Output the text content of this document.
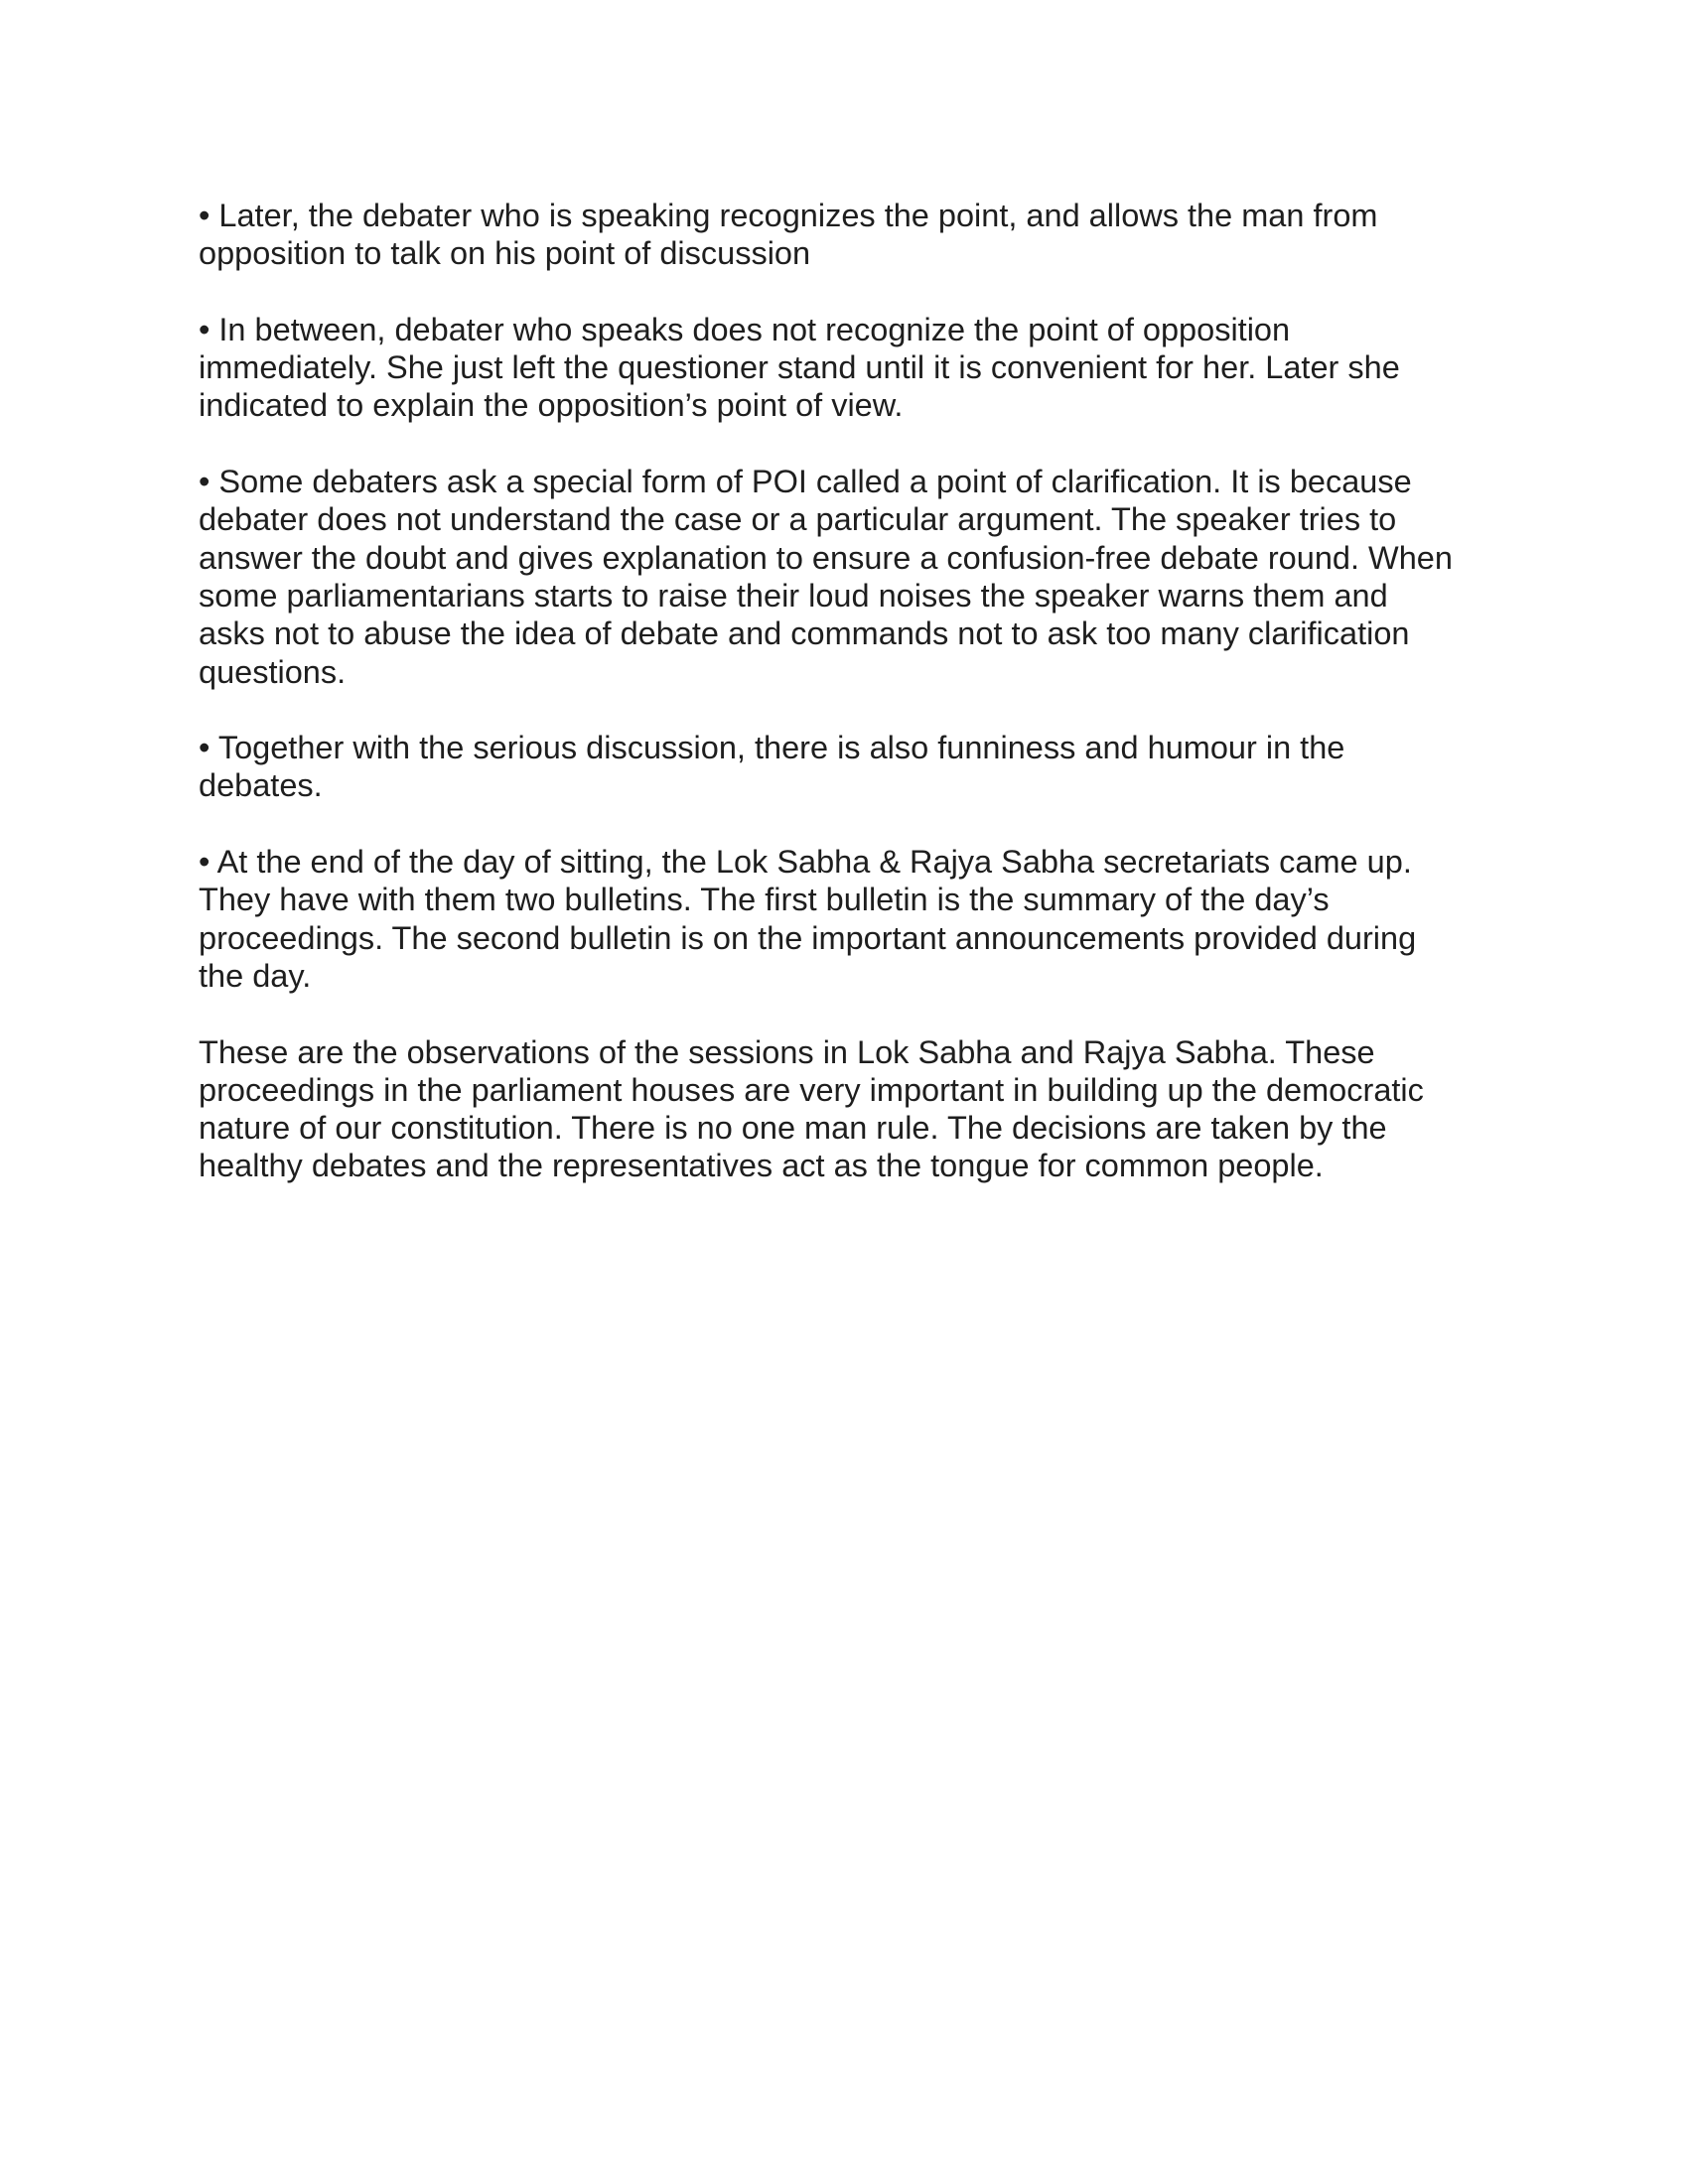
• Later, the debater who is speaking recognizes the point, and allows the man from
opposition to talk on his point of discussion

• In between, debater who speaks does not recognize the point of opposition
immediately. She just left the questioner stand until it is convenient for her. Later she
indicated to explain the opposition’s point of view.

• Some debaters ask a special form of POI called a point of clarification. It is because
debater does not understand the case or a particular argument. The speaker tries to
answer the doubt and gives explanation to ensure a confusion-free debate round. When
some parliamentarians starts to raise their loud noises the speaker warns them and
asks not to abuse the idea of debate and commands not to ask too many clarification
questions.

• Together with the serious discussion, there is also funniness and humour in the
debates.

• At the end of the day of sitting, the Lok Sabha & Rajya Sabha secretariats came up.
They have with them two bulletins. The first bulletin is the summary of the day’s
proceedings. The second bulletin is on the important announcements provided during
the day.

These are the observations of the sessions in Lok Sabha and Rajya Sabha. These
proceedings in the parliament houses are very important in building up the democratic
nature of our constitution. There is no one man rule. The decisions are taken by the
healthy debates and the representatives act as the tongue for common people.
